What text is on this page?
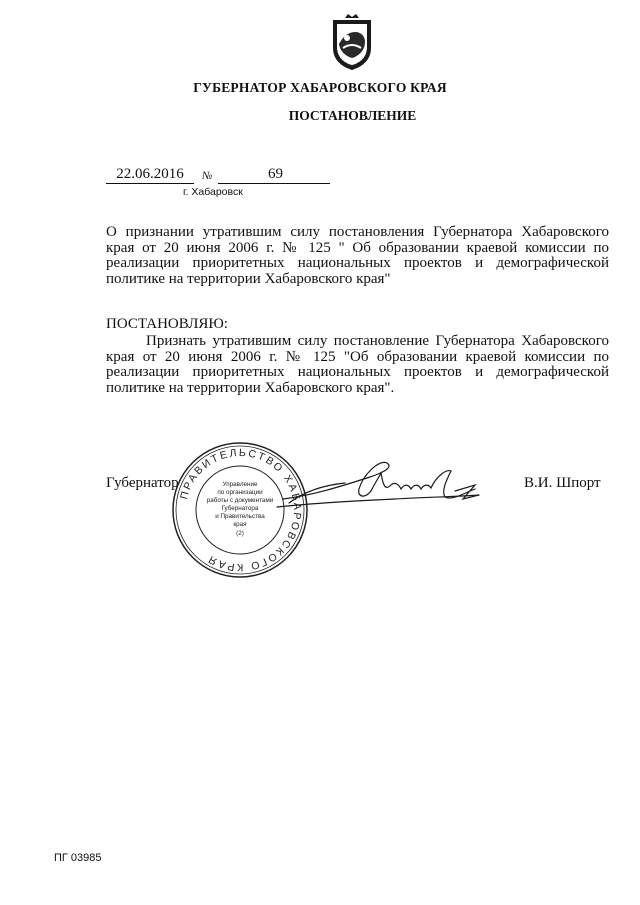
ГУБЕРНАТОР ХАБАРОВСКОГО КРАЯ
ПОСТАНОВЛЕНИЕ
22.06.2016	№	69
г. Хабаровск
О признании утратившим силу постановления Губернатора Хабаровского края от 20 июня 2006 г. № 125 " Об образовании краевой комиссии по реализации приоритетных национальных проектов и демографической политике на территории Хабаровского края"
ПОСТАНОВЛЯЮ:
Признать утратившим силу постановление Губернатора Хабаровского края от 20 июня 2006 г. № 125 "Об образовании краевой комиссии по реализации приоритетных национальных проектов и демографической политике на территории Хабаровского края".
Губернатор	В.И. Шпорт
ПРАВИТЕЛЬСТВО ХАБАРОВСКОГО КРАЯ
Управление
по организации
работы с документами
Губернатора
и Правительства
края
(2)
ПГ 03985
